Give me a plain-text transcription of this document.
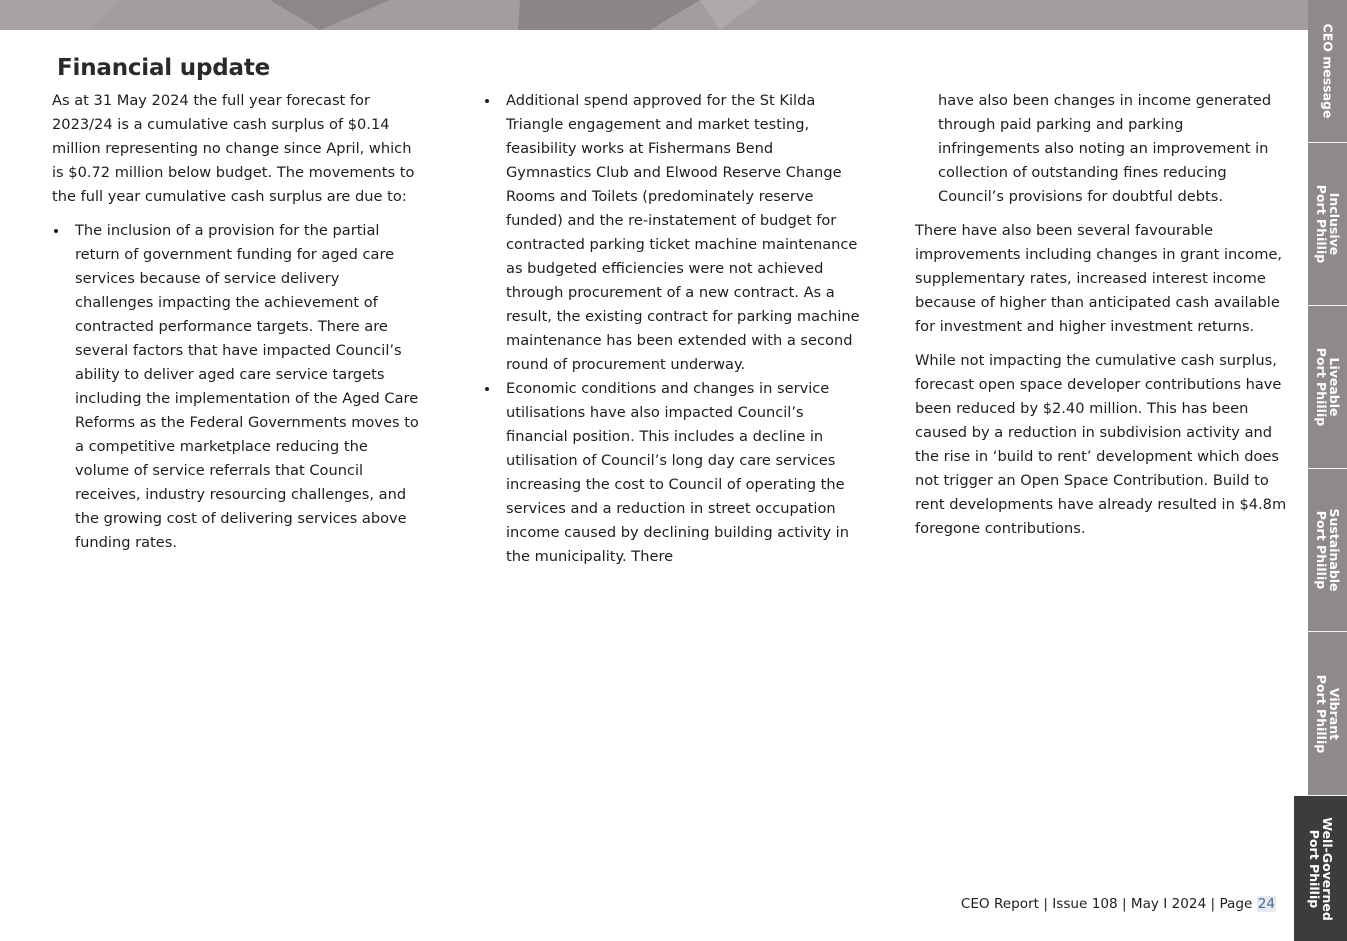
Financial update

As at 31 May 2024 the full year forecast for 2023/24 is a cumulative cash surplus of $0.14 million representing no change since April, which is $0.72 million below budget. The movements to the full year cumulative cash surplus are due to:

The inclusion of a provision for the partial return of government funding for aged care services because of service delivery challenges impacting the achievement of contracted performance targets. There are several factors that have impacted Council’s ability to deliver aged care service targets including the implementation of the Aged Care Reforms as the Federal Governments moves to a competitive marketplace reducing the volume of service referrals that Council receives, industry resourcing challenges, and the growing cost of delivering services above funding rates.
Additional spend approved for the St Kilda Triangle engagement and market testing, feasibility works at Fishermans Bend Gymnastics Club and Elwood Reserve Change Rooms and Toilets (predominately reserve funded) and the re-instatement of budget for contracted parking ticket machine maintenance as budgeted efficiencies were not achieved through procurement of a new contract. As a result, the existing contract for parking machine maintenance has been extended with a second round of procurement underway.
Economic conditions and changes in service utilisations have also impacted Council’s financial position. This includes a decline in utilisation of Council’s long day care services increasing the cost to Council of operating the services and a reduction in street occupation income caused by declining building activity in the municipality. There

have also been changes in income generated through paid parking and parking infringements also noting an improvement in collection of outstanding fines reducing Council’s provisions for doubtful debts.

There have also been several favourable improvements including changes in grant income, supplementary rates, increased interest income because of higher than anticipated cash available for investment and higher investment returns.

While not impacting the cumulative cash surplus, forecast open space developer contributions have been reduced by $2.40 million. This has been caused by a reduction in subdivision activity and the rise in ‘build to rent’ development which does not trigger an Open Space Contribution. Build to rent developments have already resulted in $4.8m foregone contributions.

CEO Report | Issue 108 | May I 2024 | Page 24
CEO message
Inclusive
Port Phillip
Liveable
Port Phillip
Sustainable
Port Phillip
Vibrant
Port Phillip
Well-Governed
Port Phillip
